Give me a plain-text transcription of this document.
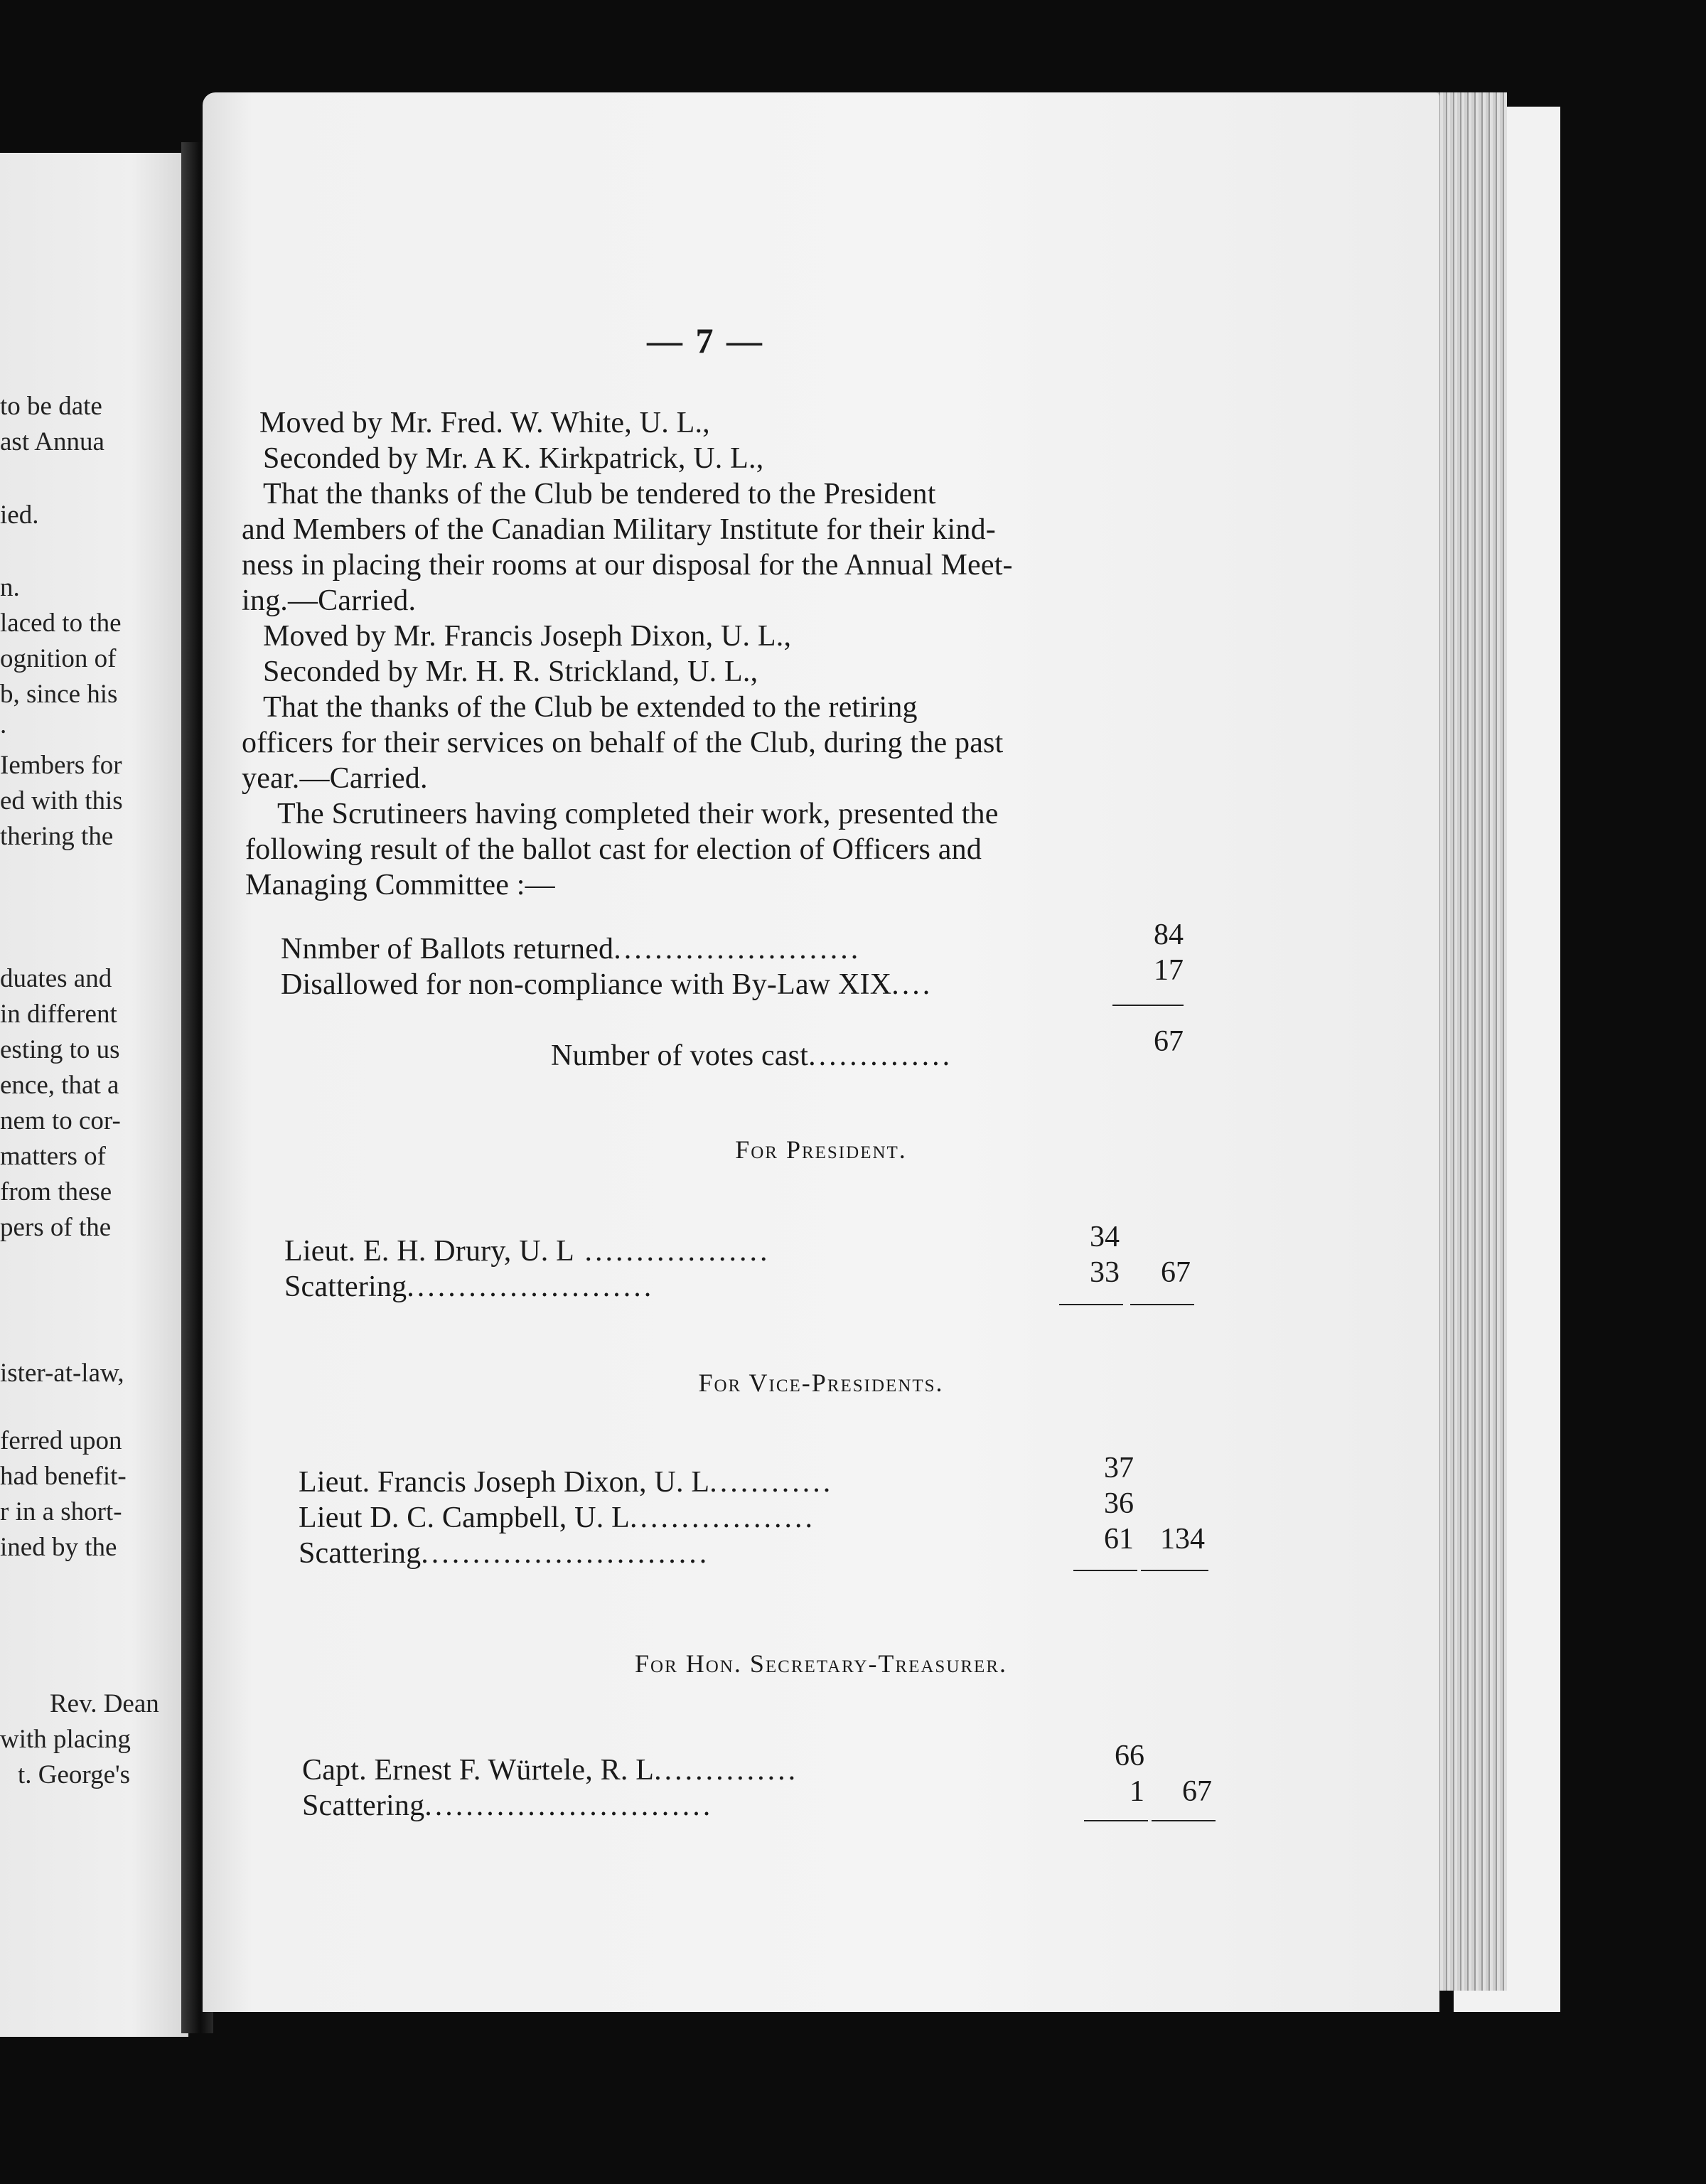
to be date
ast Annua
ied.
n.
laced to the
ognition of
b, since his
.
Iembers for
ed with this
thering the
duates and
in different
esting to us
ence, that a
nem to cor-
matters of
from these
pers of the
ister-at-law,
ferred upon
had benefit-
r in a short-
ined by the
Rev. Dean
with placing
t. George's
— 7 —
Moved by Mr. Fred. W. White, U. L.,
Seconded by Mr. A K. Kirkpatrick, U. L.,
That the thanks of the Club be tendered to the President
and Members of the Canadian Military Institute for their kind-
ness in placing their rooms at our disposal for the Annual Meet-
ing.—Carried.
Moved by Mr. Francis Joseph Dixon, U. L.,
Seconded by Mr. H. R. Strickland, U. L.,
That the thanks of the Club be extended to the retiring
officers for their services on behalf of the Club, during the past
year.—Carried.
The Scrutineers having completed their work, presented the
following result of the ballot cast for election of Officers and
Managing Committee :—
Nnmber of Ballots returned........................	84
Disallowed for non-compliance with By-Law XIX....	17
Number of votes cast..............	67
For President.
Lieut. E. H. Drury, U. L ..................	34
Scattering........................	33	67
For Vice-Presidents.
Lieut. Francis Joseph Dixon, U. L............	37
Lieut D. C. Campbell, U. L..................	36
Scattering............................	61 134
For Hon. Secretary-Treasurer.
Capt. Ernest F. Würtele, R. L..............	66
Scattering............................	1	67
